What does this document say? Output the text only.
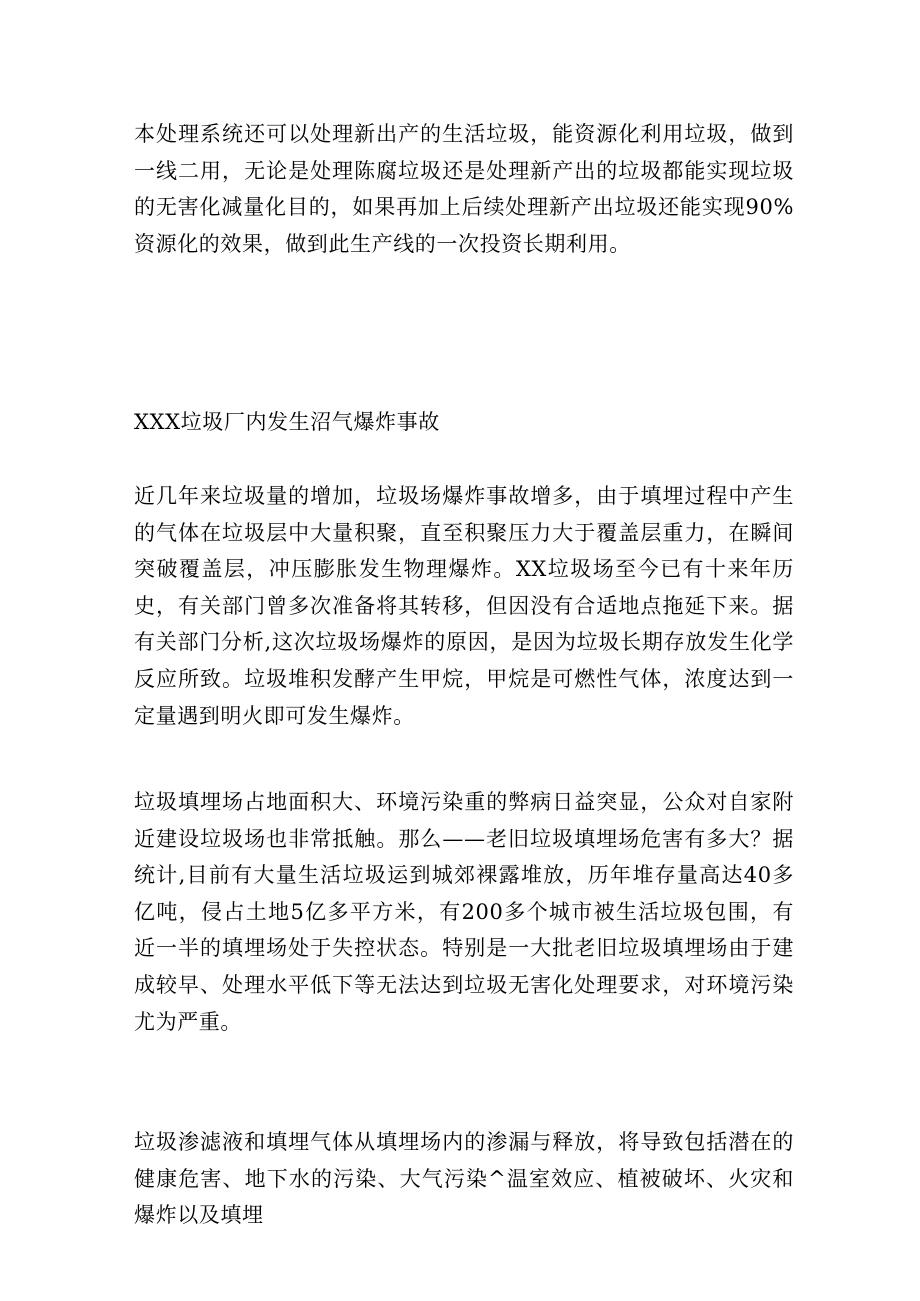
本处理系统还可以处理新出产的生活垃圾，能资源化利用垃圾，做到一线二用，无论是处理陈腐垃圾还是处理新产出的垃圾都能实现垃圾的无害化减量化目的，如果再加上后续处理新产出垃圾还能实现90%资源化的效果，做到此生产线的一次投资长期利用。

XXX垃圾厂内发生沼气爆炸事故

近几年来垃圾量的增加，垃圾场爆炸事故增多，由于填埋过程中产生的气体在垃圾层中大量积聚，直至积聚压力大于覆盖层重力，在瞬间突破覆盖层，冲压膨胀发生物理爆炸。XX垃圾场至今已有十来年历史，有关部门曾多次准备将其转移，但因没有合适地点拖延下来。据有关部门分析,这次垃圾场爆炸的原因，是因为垃圾长期存放发生化学反应所致。垃圾堆积发酵产生甲烷，甲烷是可燃性气体，浓度达到一定量遇到明火即可发生爆炸。

垃圾填埋场占地面积大、环境污染重的弊病日益突显，公众对自家附近建设垃圾场也非常抵触。那么——老旧垃圾填埋场危害有多大？据统计,目前有大量生活垃圾运到城郊裸露堆放，历年堆存量高达40多亿吨，侵占土地5亿多平方米，有200多个城市被生活垃圾包围，有近一半的填埋场处于失控状态。特别是一大批老旧垃圾填埋场由于建成较早、处理水平低下等无法达到垃圾无害化处理要求，对环境污染尤为严重。

垃圾渗滤液和填埋气体从填埋场内的渗漏与释放，将导致包括潜在的健康危害、地下水的污染、大气污染^温室效应、植被破坏、火灾和爆炸以及填埋
